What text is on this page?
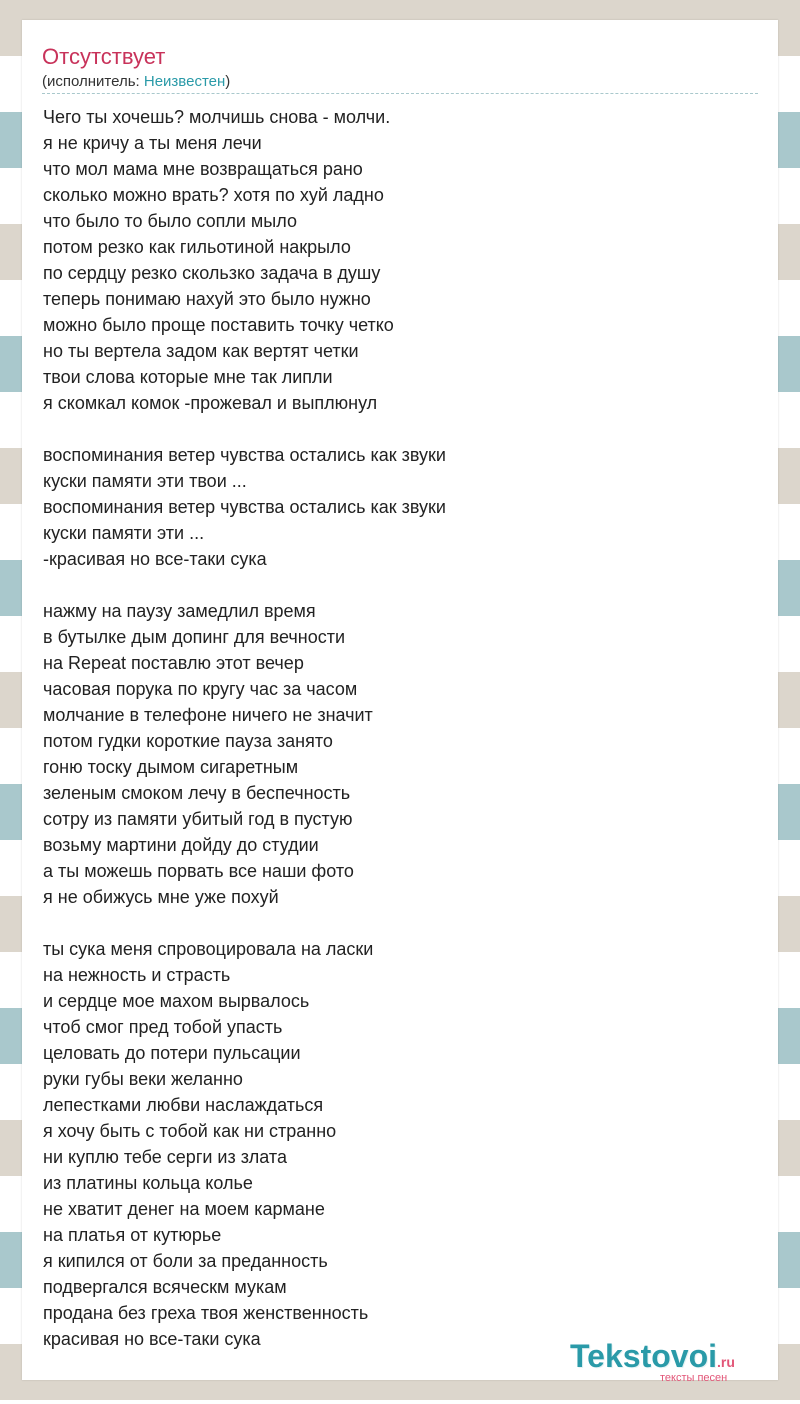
Отсутствует
(исполнитель: Неизвестен)
Чего ты хочешь? молчишь снова - молчи.
я не кричу а ты меня лечи
что мол мама мне возвращаться рано
сколько можно врать? хотя по хуй ладно
что было то было сопли мыло
потом резко как гильотиной накрыло
по сердцу резко скользко задача в душу
теперь понимаю нахуй это было нужно
можно было проще поставить точку четко
но ты вертела задом как вертят четки
твои слова которые мне так липли
я скомкал комок -прожевал и выплюнул
воспоминания ветер чувства остались как звуки
куски памяти эти твои ...
воспоминания ветер чувства остались как звуки
куски памяти эти ...
-красивая но все-таки сука
нажму на паузу замедлил время
в бутылке дым допинг для вечности
на Repeat поставлю этот вечер
часовая порука по кругу час за часом
молчание в телефоне ничего не значит
потом гудки короткие пауза занято
гоню тоску дымом сигаретным
зеленым смоком лечу в беспечность
сотру из памяти убитый год в пустую
возьму мартини дойду до студии
а ты можешь порвать все наши фото
я не обижусь мне уже похуй
ты сука меня спровоцировала на ласки
на нежность и страсть
и сердце мое махом вырвалось
чтоб смог пред тобой упасть
целовать до потери пульсации
руки губы веки желанно
лепестками любви наслаждаться
я хочу быть с тобой как ни странно
ни куплю тебе серги из злата
из платины кольца колье
не хватит денег на моем кармане
на платья от кутюрье
я кипился от боли за преданность
подвергался всяческм мукам
продана без греха твоя женственность
красивая но все-таки сука	Tekstovoi.ru
тексты песен
